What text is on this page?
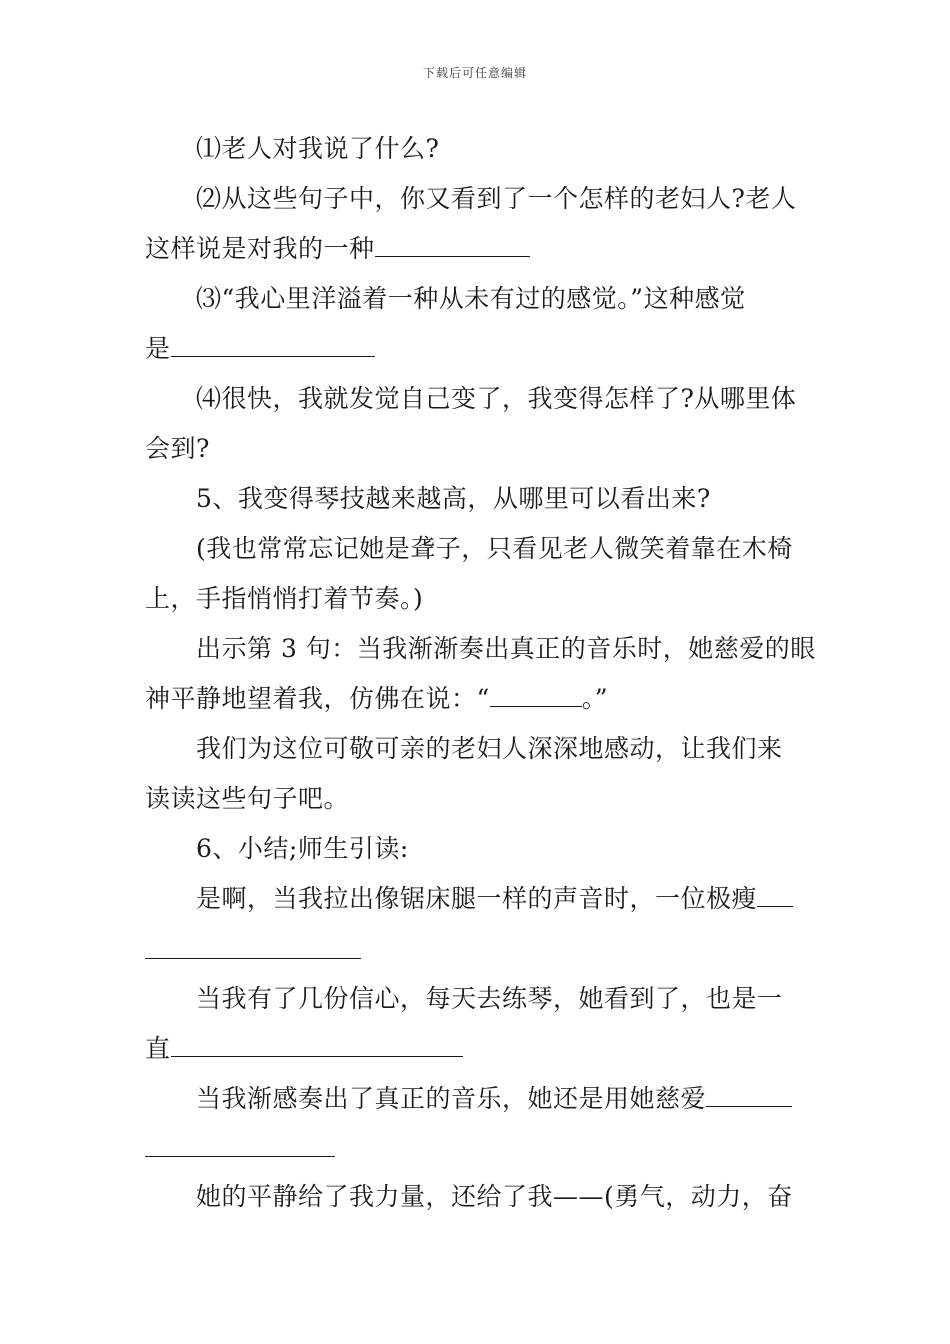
下载后可任意编辑
⑴老人对我说了什么?
⑵从这些句子中，你又看到了一个怎样的老妇人?老人
这样说是对我的一种
⑶“我心里洋溢着一种从未有过的感觉。”这种感觉
是
⑷很快，我就发觉自己变了，我变得怎样了?从哪里体
会到?
5、我变得琴技越来越高，从哪里可以看出来?
(我也常常忘记她是聋子，只看见老人微笑着靠在木椅
上，手指悄悄打着节奏。)
出示第 3 句：当我渐渐奏出真正的音乐时，她慈爱的眼
神平静地望着我，仿佛在说：“	。”
我们为这位可敬可亲的老妇人深深地感动，让我们来
读读这些句子吧。
6、小结;师生引读:
是啊，当我拉出像锯床腿一样的声音时，一位极瘦
当我有了几份信心，每天去练琴，她看到了，也是一
直
当我渐感奏出了真正的音乐，她还是用她慈爱
她的平静给了我力量，还给了我——(勇气，动力，奋
